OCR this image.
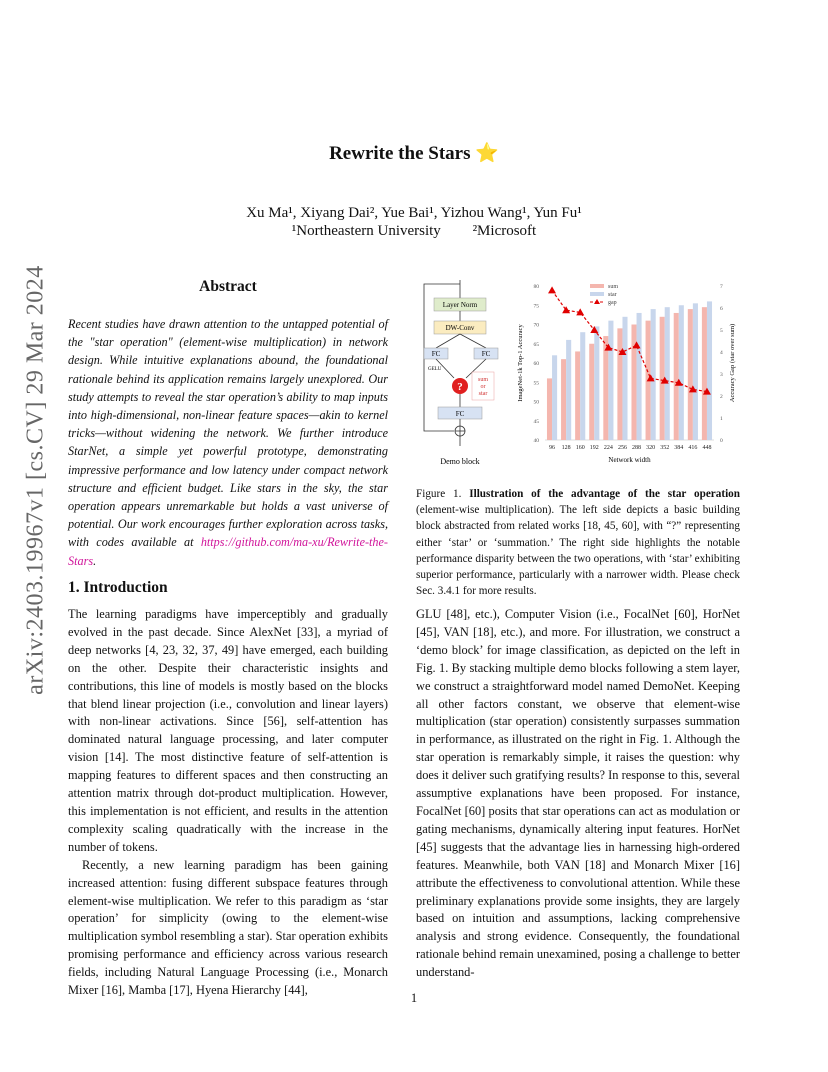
arXiv:2403.19967v1 [cs.CV] 29 Mar 2024
Rewrite the Stars ⭐
Xu Ma¹, Xiyang Dai², Yue Bai¹, Yizhou Wang¹, Yun Fu¹
¹Northeastern University ²Microsoft
Abstract
Recent studies have drawn attention to the untapped potential of the "star operation" (element-wise multiplication) in network design. While intuitive explanations abound, the foundational rationale behind its application remains largely unexplored. Our study attempts to reveal the star operation’s ability to map inputs into high-dimensional, non-linear feature spaces—akin to kernel tricks—without widening the network. We further introduce StarNet, a simple yet powerful prototype, demonstrating impressive performance and low latency under compact network structure and efficient budget. Like stars in the sky, the star operation appears unremarkable but holds a vast universe of potential. Our work encourages further exploration across tasks, with codes available at https://github.com/ma-xu/Rewrite-the-Stars.
1. Introduction

The learning paradigms have imperceptibly and gradually evolved in the past decade. Since AlexNet [33], a myriad of deep networks [4, 23, 32, 37, 49] have emerged, each building on the other. Despite their characteristic insights and contributions, this line of models is mostly based on the blocks that blend linear projection (i.e., convolution and linear layers) with non-linear activations. Since [56], self-attention has dominated natural language processing, and later computer vision [14]. The most distinctive feature of self-attention is mapping features to different spaces and then constructing an attention matrix through dot-product multiplication. However, this implementation is not efficient, and results in the attention complexity scaling quadratically with the increase in the number of tokens.

Recently, a new learning paradigm has been gaining increased attention: fusing different subspace features through element-wise multiplication. We refer to this paradigm as ‘star operation’ for simplicity (owing to the element-wise multiplication symbol resembling a star). Star operation exhibits promising performance and efficiency across various research fields, including Natural Language Processing (i.e., Monarch Mixer [16], Mamba [17], Hyena Hierarchy [44],

Layer Norm
DW-Conv
FC	FC
GELU
?
sum
or
star
FC
Demo block
40
45
50
55
60
65
70
75
80
0
1
2
3
4
5
6
7
96 128 160 192 224 256 288 320 352 384 416 448
Network width
ImageNet-1k Top-1 Accuracy	Accuracy Gap (star over sum)
sum
star
gap
Figure 1. Illustration of the advantage of the star operation (element-wise multiplication). The left side depicts a basic building block abstracted from related works [18, 45, 60], with “?” representing either ‘star’ or ‘summation.’ The right side highlights the notable performance disparity between the two operations, with ‘star’ exhibiting superior performance, particularly with a narrower width. Please check Sec. 3.4.1 for more results.

GLU [48], etc.), Computer Vision (i.e., FocalNet [60], HorNet [45], VAN [18], etc.), and more. For illustration, we construct a ‘demo block’ for image classification, as depicted on the left in Fig. 1. By stacking multiple demo blocks following a stem layer, we construct a straightforward model named DemoNet. Keeping all other factors constant, we observe that element-wise multiplication (star operation) consistently surpasses summation in performance, as illustrated on the right in Fig. 1. Although the star operation is remarkably simple, it raises the question: why does it deliver such gratifying results? In response to this, several assumptive explanations have been proposed. For instance, FocalNet [60] posits that star operations can act as modulation or gating mechanisms, dynamically altering input features. HorNet [45] suggests that the advantage lies in harnessing high-ordered features. Meanwhile, both VAN [18] and Monarch Mixer [16] attribute the effectiveness to convolutional attention. While these preliminary explanations provide some insights, they are largely based on intuition and assumptions, lacking comprehensive analysis and strong evidence. Consequently, the foundational rationale behind remain unexamined, posing a challenge to better understand-

1
